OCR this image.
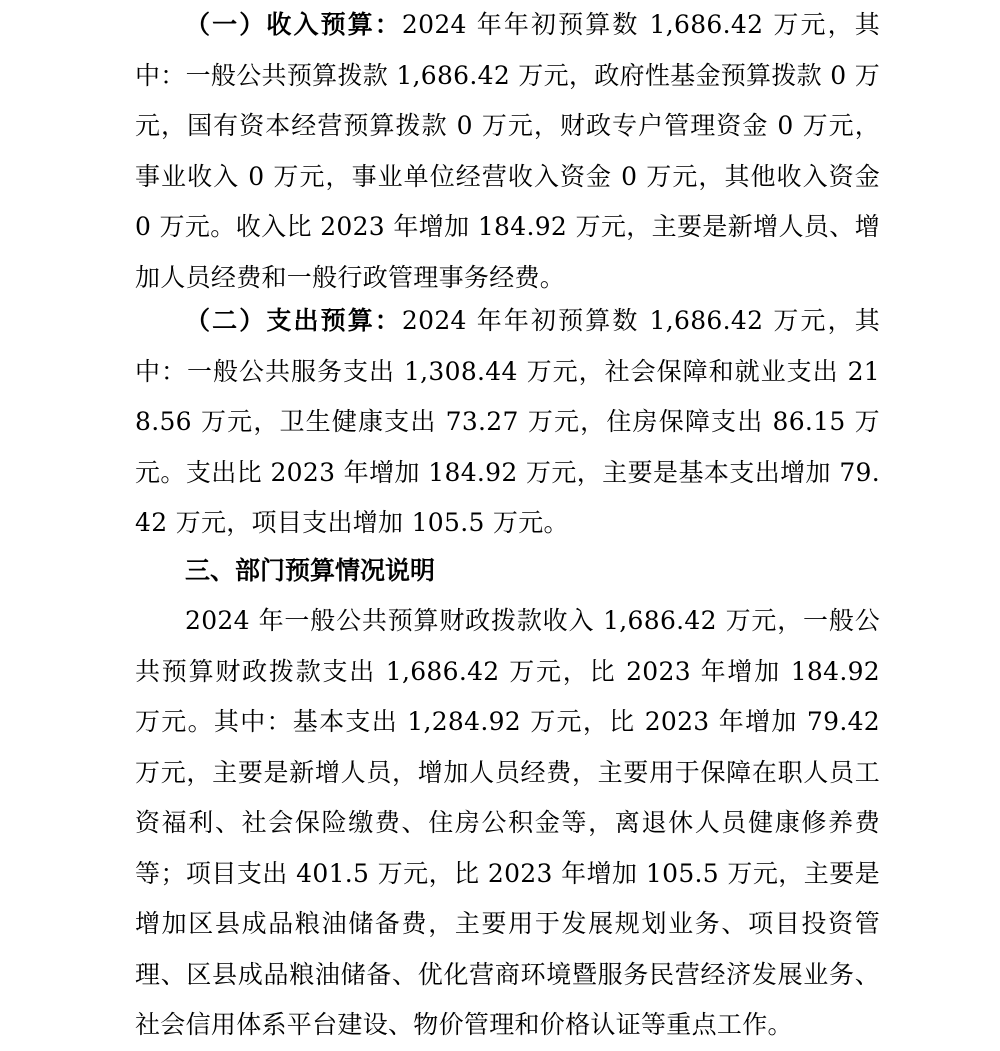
（一）收入预算：2024 年年初预算数 1,686.42 万元，其中：一般公共预算拨款 1,686.42 万元，政府性基金预算拨款 0 万元，国有资本经营预算拨款 0 万元，财政专户管理资金 0 万元，事业收入 0 万元，事业单位经营收入资金 0 万元，其他收入资金 0 万元。收入比 2023 年增加 184.92 万元，主要是新增人员、增加人员经费和一般行政管理事务经费。

（二）支出预算：2024 年年初预算数 1,686.42 万元，其中：一般公共服务支出 1,308.44 万元，社会保障和就业支出 218.56 万元，卫生健康支出 73.27 万元，住房保障支出 86.15 万元。支出比 2023 年增加 184.92 万元，主要是基本支出增加 79.42 万元，项目支出增加 105.5 万元。

三、部门预算情况说明

2024 年一般公共预算财政拨款收入 1,686.42 万元，一般公共预算财政拨款支出 1,686.42 万元，比 2023 年增加 184.92 万元。其中：基本支出 1,284.92 万元，比 2023 年增加 79.42 万元，主要是新增人员，增加人员经费，主要用于保障在职人员工资福利、社会保险缴费、住房公积金等，离退休人员健康修养费等；项目支出 401.5 万元，比 2023 年增加 105.5 万元，主要是增加区县成品粮油储备费，主要用于发展规划业务、项目投资管理、区县成品粮油储备、优化营商环境暨服务民营经济发展业务、社会信用体系平台建设、物价管理和价格认证等重点工作。
